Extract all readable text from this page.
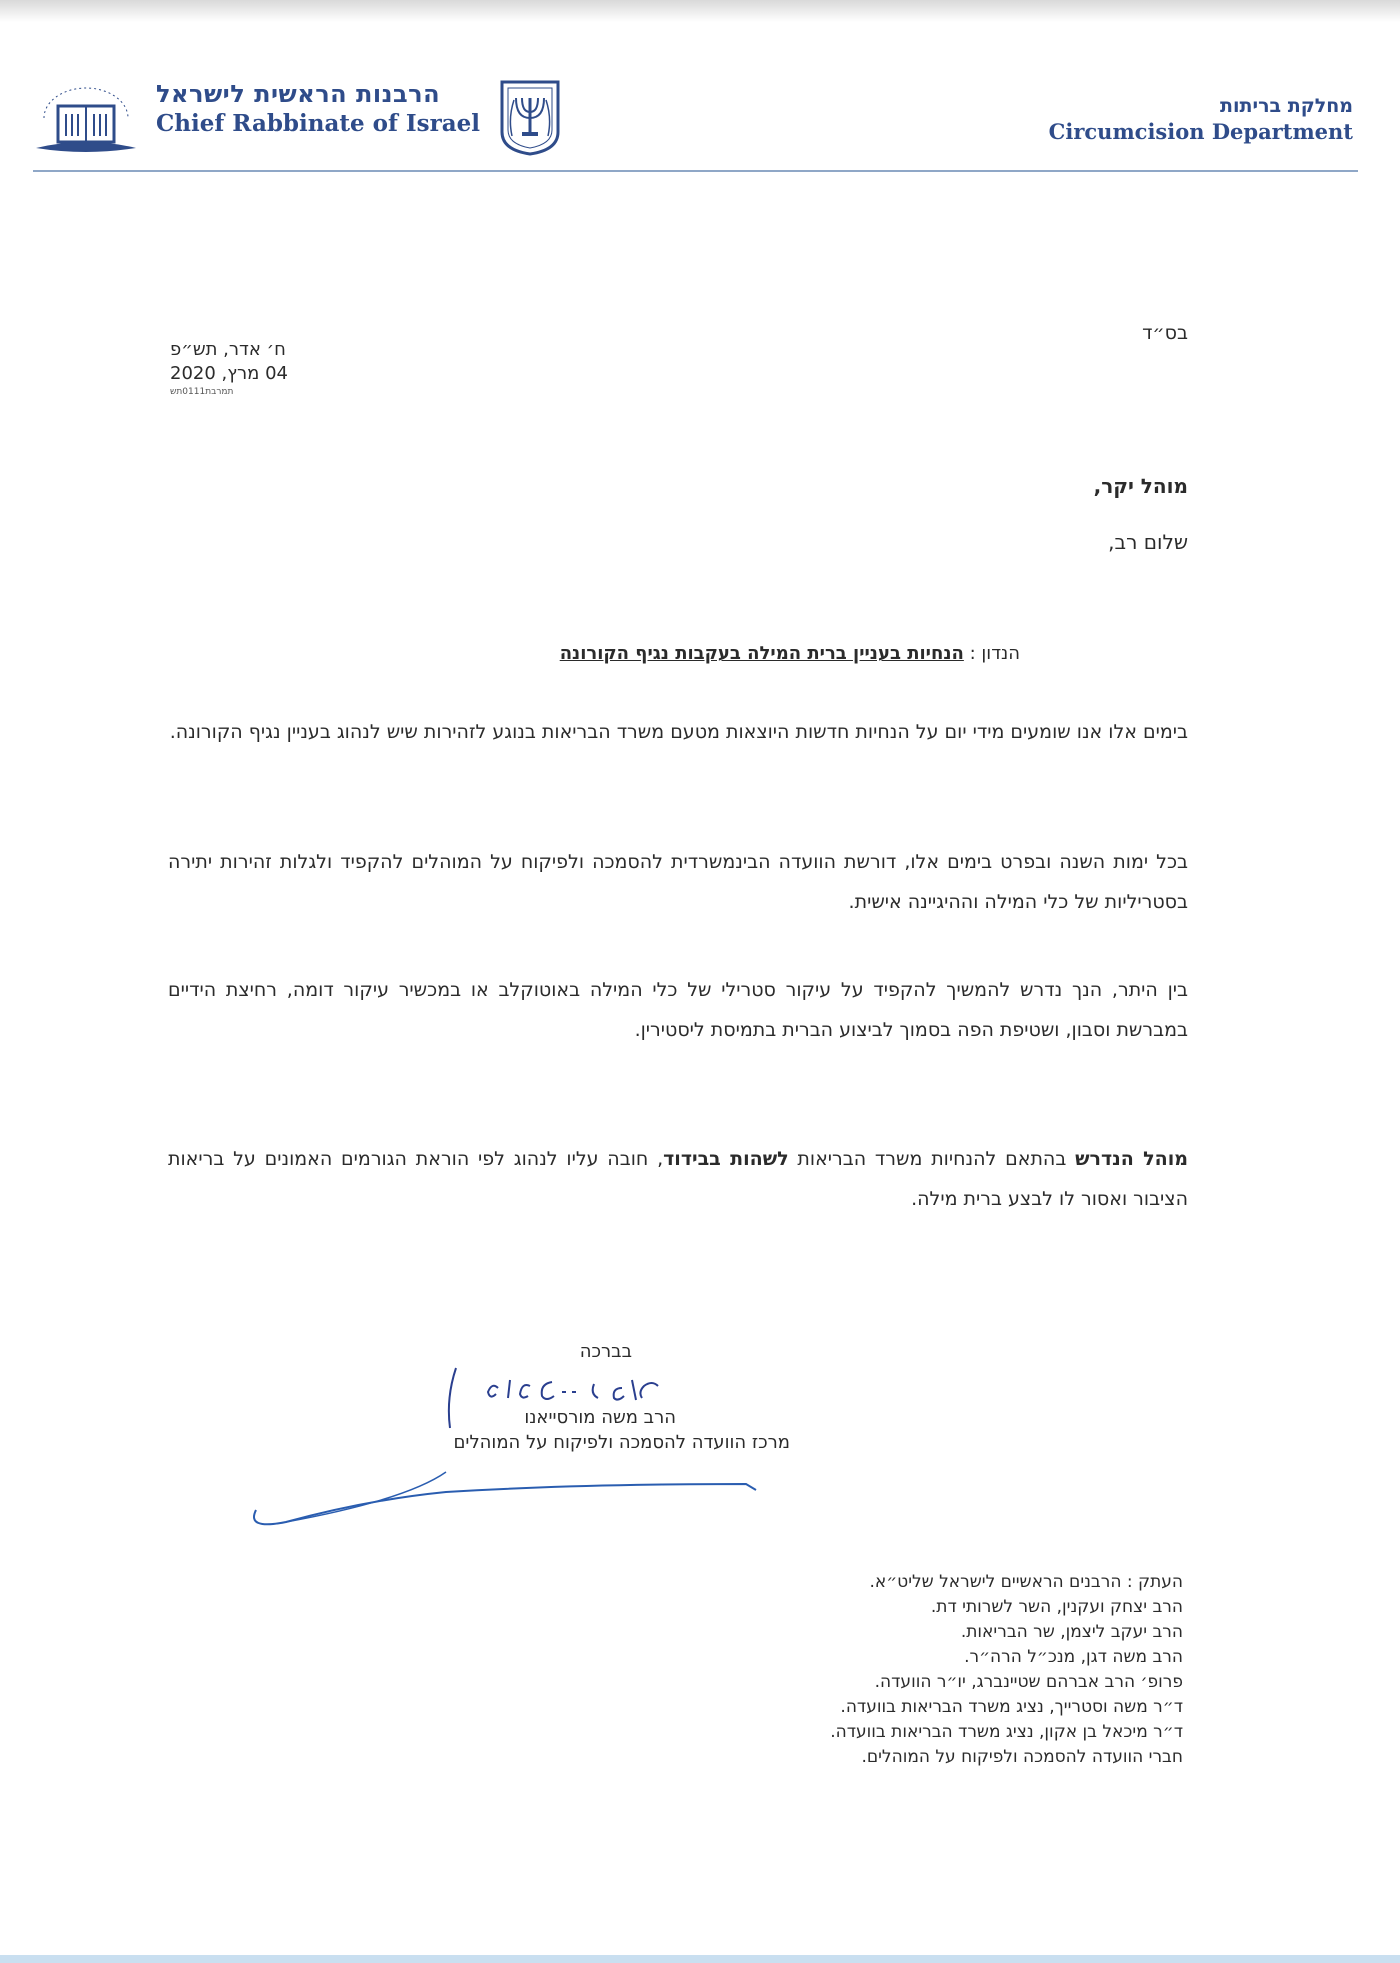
הרבנות הראשית לישראל
Chief Rabbinate of Israel
מחלקת בריתות
Circumcision Department
בס״ד
ח׳ אדר, תש״פ
04 מרץ, 2020
תמרבת0111תש
מוהל יקר,
שלום רב,
הנדון : הנחיות בעניין ברית המילה בעקבות נגיף הקורונה
בימים אלו אנו שומעים מידי יום על הנחיות חדשות היוצאות מטעם משרד הבריאות בנוגע לזהירות שיש לנהוג בעניין נגיף הקורונה.
בכל ימות השנה ובפרט בימים אלו, דורשת הוועדה הבינמשרדית להסמכה ולפיקוח על המוהלים להקפיד ולגלות זהירות יתירה בסטריליות של כלי המילה וההיגיינה אישית.
בין היתר, הנך נדרש להמשיך להקפיד על עיקור סטרילי של כלי המילה באוטוקלב או במכשיר עיקור דומה, רחיצת הידיים במברשת וסבון, ושטיפת הפה בסמוך לביצוע הברית בתמיסת ליסטירין.
מוהל הנדרש בהתאם להנחיות משרד הבריאות לשהות בבידוד, חובה עליו לנהוג לפי הוראת הגורמים האמונים על בריאות הציבור ואסור לו לבצע ברית מילה.
בברכה
הרב משה מורסייאנו
מרכז הוועדה להסמכה ולפיקוח על המוהלים
העתק : הרבנים הראשיים לישראל שליט״א.
הרב יצחק ועקנין, השר לשרותי דת.
הרב יעקב ליצמן, שר הבריאות.
הרב משה דגן, מנכ״ל הרה״ר.
פרופ׳ הרב אברהם שטיינברג, יו״ר הוועדה.
ד״ר משה וסטרייך, נציג משרד הבריאות בוועדה.
ד״ר מיכאל בן אקון, נציג משרד הבריאות בוועדה.
חברי הוועדה להסמכה ולפיקוח על המוהלים.
